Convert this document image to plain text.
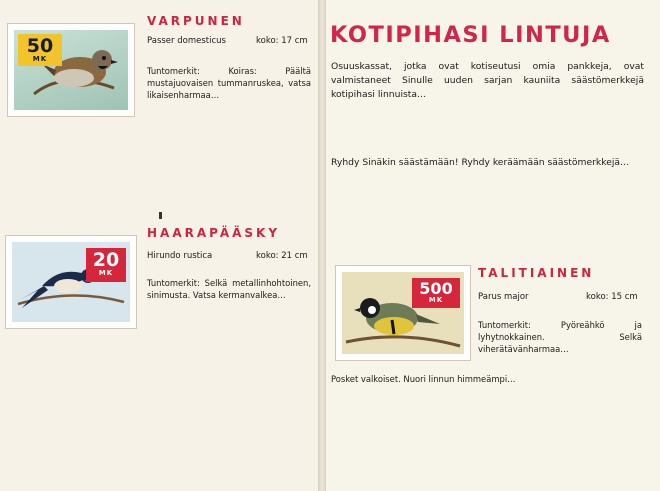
50
MK
VARPUNEN
Passer domesticus	koko: 17 cm

Tuntomerkit: Koiras: Päältä mustajuovaisen tummanruskea, vatsa likaisenharmaa…

20
MK
HAARAPÄÄSKY
Hirundo rustica	koko: 21 cm

Tuntomerkit: Selkä metallinhohtoinen, sinimusta. Vatsa kermanvalkea…

KOTIPIHASI LINTUJA

Osuuskassat, jotka ovat kotiseutusi omia pankkeja, ovat valmistaneet Sinulle uuden sarjan kauniita säästömerkkejä kotipihasi linnuista…

Ryhdy Sinäkin säästämään! Ryhdy keräämään säästömerkkejä…

500
MK
TALITIAINEN
Parus major	koko: 15 cm

Tuntomerkit: Pyöreähkö ja lyhytnokkainen. Selkä viherätävänharmaa…

Posket valkoiset. Nuori linnun himmeämpi…
